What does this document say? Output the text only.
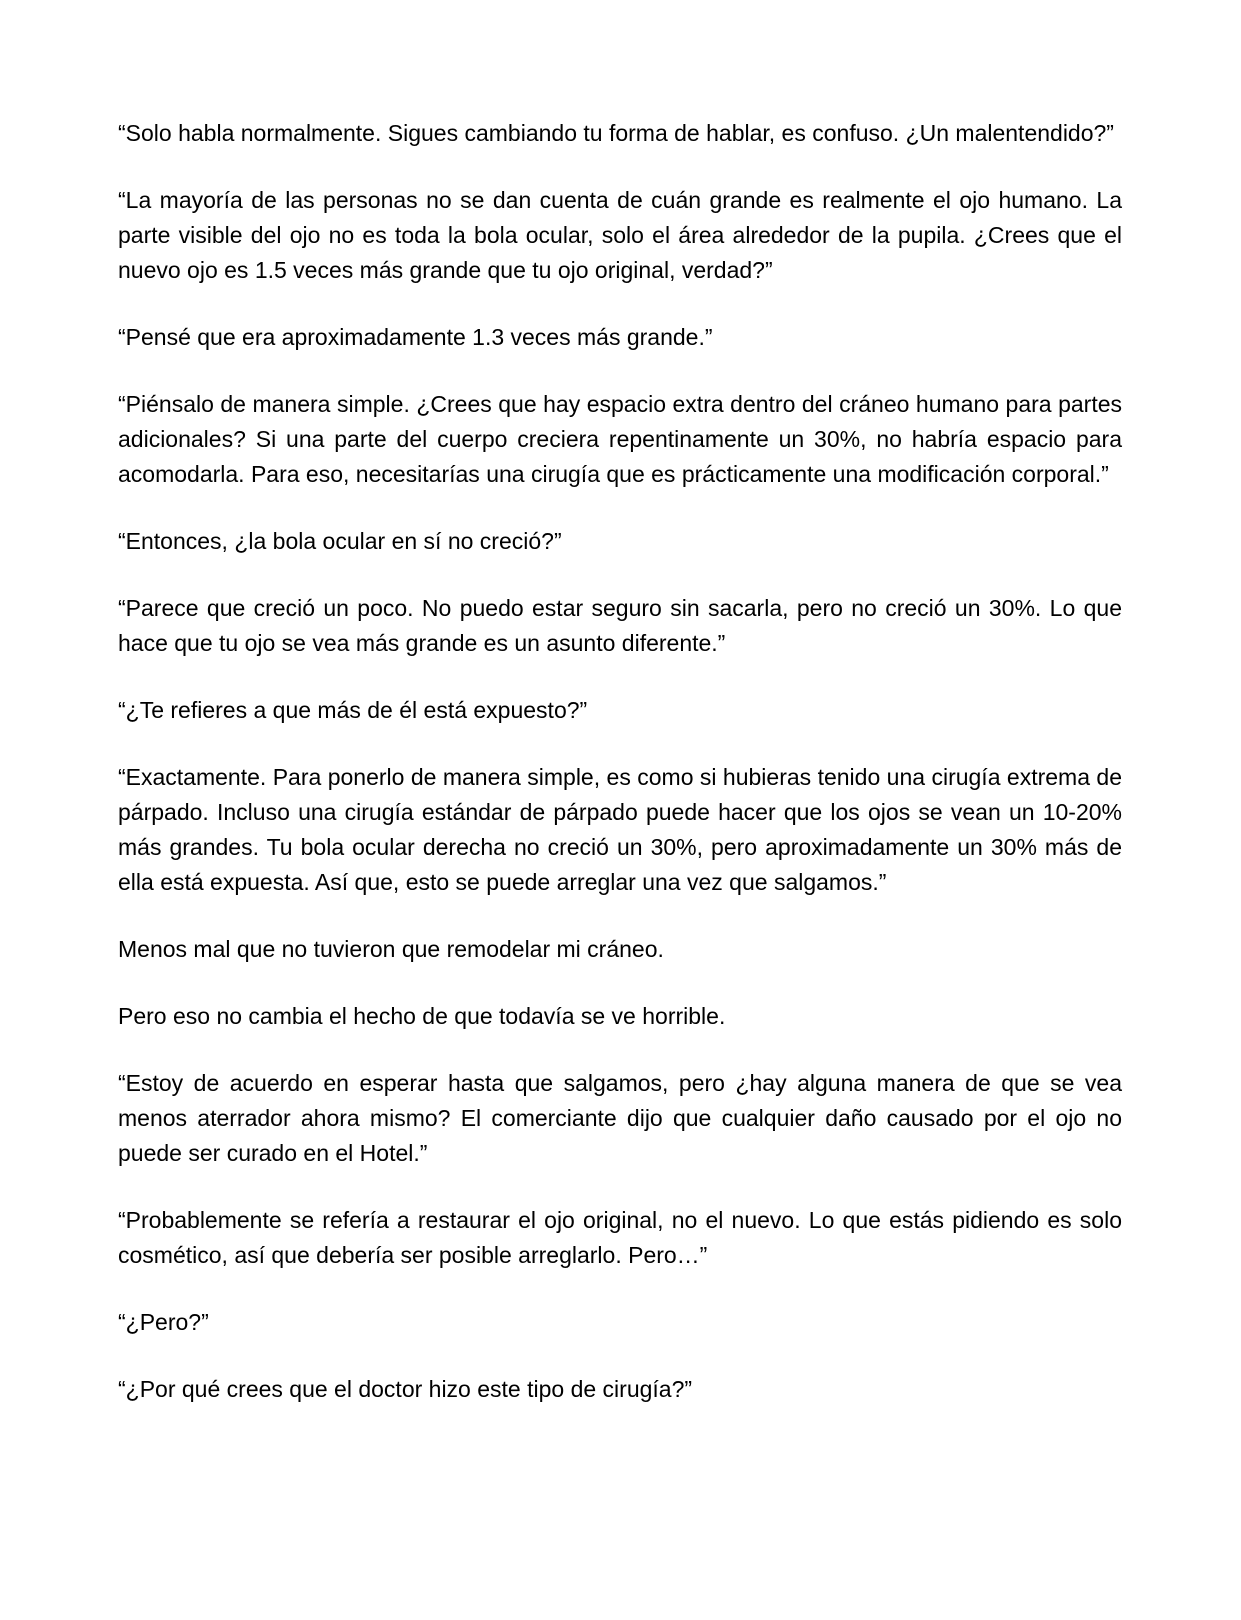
“Solo habla normalmente. Sigues cambiando tu forma de hablar, es confuso. ¿Un malentendido?”

“La mayoría de las personas no se dan cuenta de cuán grande es realmente el ojo humano. La parte visible del ojo no es toda la bola ocular, solo el área alrededor de la pupila. ¿Crees que el nuevo ojo es 1.5 veces más grande que tu ojo original, verdad?”

“Pensé que era aproximadamente 1.3 veces más grande.”

“Piénsalo de manera simple. ¿Crees que hay espacio extra dentro del cráneo humano para partes adicionales? Si una parte del cuerpo creciera repentinamente un 30%, no habría espacio para acomodarla. Para eso, necesitarías una cirugía que es prácticamente una modificación corporal.”

“Entonces, ¿la bola ocular en sí no creció?”

“Parece que creció un poco. No puedo estar seguro sin sacarla, pero no creció un 30%. Lo que hace que tu ojo se vea más grande es un asunto diferente.”

“¿Te refieres a que más de él está expuesto?”

“Exactamente. Para ponerlo de manera simple, es como si hubieras tenido una cirugía extrema de párpado. Incluso una cirugía estándar de párpado puede hacer que los ojos se vean un 10-20% más grandes. Tu bola ocular derecha no creció un 30%, pero aproximadamente un 30% más de ella está expuesta. Así que, esto se puede arreglar una vez que salgamos.”

Menos mal que no tuvieron que remodelar mi cráneo.

Pero eso no cambia el hecho de que todavía se ve horrible.

“Estoy de acuerdo en esperar hasta que salgamos, pero ¿hay alguna manera de que se vea menos aterrador ahora mismo? El comerciante dijo que cualquier daño causado por el ojo no puede ser curado en el Hotel.”

“Probablemente se refería a restaurar el ojo original, no el nuevo. Lo que estás pidiendo es solo cosmético, así que debería ser posible arreglarlo. Pero…”

“¿Pero?”

“¿Por qué crees que el doctor hizo este tipo de cirugía?”
